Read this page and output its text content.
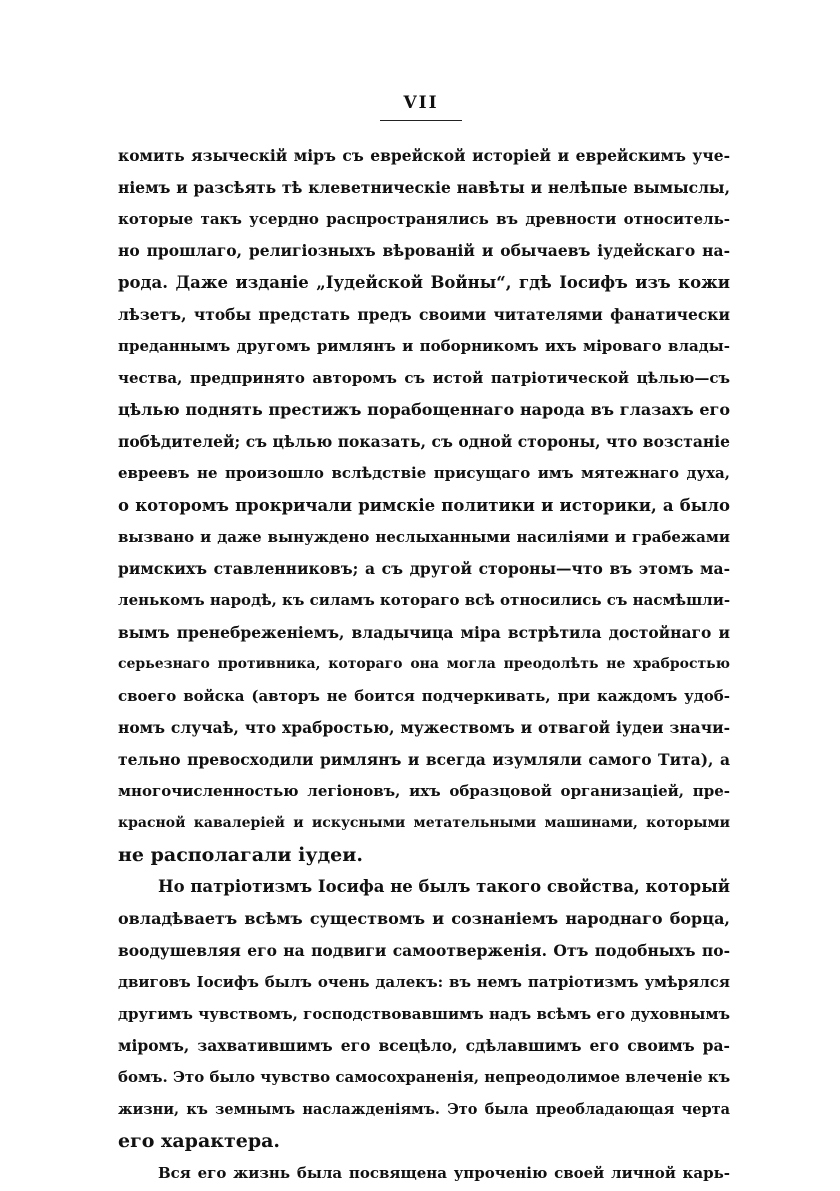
VII
комить языческій міръ съ еврейской исторіей и еврейскимъ уче-
ніемъ и разсѣять тѣ клеветническіе навѣты и нелѣпые вымыслы,
которые такъ усердно распространялись въ древности относитель-
но прошлаго, религіозныхъ вѣрованій и обычаевъ іудейскаго на-
рода. Даже изданіе „Іудейской Войны“, гдѣ Іосифъ изъ кожи
лѣзетъ, чтобы предстать предъ своими читателями фанатически
преданнымъ другомъ римлянъ и поборникомъ ихъ міроваго влады-
чества, предпринято авторомъ съ истой патріотической цѣлью—съ
цѣлью поднять престижъ порабощеннаго народа въ глазахъ его
побѣдителей; съ цѣлью показать, съ одной стороны, что возстаніе
евреевъ не произошло вслѣдствіе присущаго имъ мятежнаго духа,
о которомъ прокричали римскіе политики и историки, а было
вызвано и даже вынуждено неслыханными насиліями и грабежами
римскихъ ставленниковъ; а съ другой стороны—что въ этомъ ма-
ленькомъ народѣ, къ силамъ котораго всѣ относились съ насмѣшли-
вымъ пренебреженіемъ, владычица міра встрѣтила достойнаго и
серьезнаго противника, котораго она могла преодолѣть не храбростью
своего войска (авторъ не боится подчеркивать, при каждомъ удоб-
номъ случаѣ, что храбростью, мужествомъ и отвагой іудеи значи-
тельно превосходили римлянъ и всегда изумляли самого Тита), а
многочисленностью легіоновъ, ихъ образцовой организаціей, пре-
красной кавалеріей и искусными метательными машинами, которыми
не располагали іудеи.
Но патріотизмъ Іосифа не былъ такого свойства, который
овладѣваетъ всѣмъ существомъ и сознаніемъ народнаго борца,
воодушевляя его на подвиги самоотверженія. Отъ подобныхъ по-
двиговъ Іосифъ былъ очень далекъ: въ немъ патріотизмъ умѣрялся
другимъ чувствомъ, господствовавшимъ надъ всѣмъ его духовнымъ
міромъ, захватившимъ его всецѣло, сдѣлавшимъ его своимъ ра-
бомъ. Это было чувство самосохраненія, непреодолимое влеченіе къ
жизни, къ земнымъ наслажденіямъ. Это была преобладающая черта
его характера.
Вся его жизнь была посвящена упроченію своей личной карь-
